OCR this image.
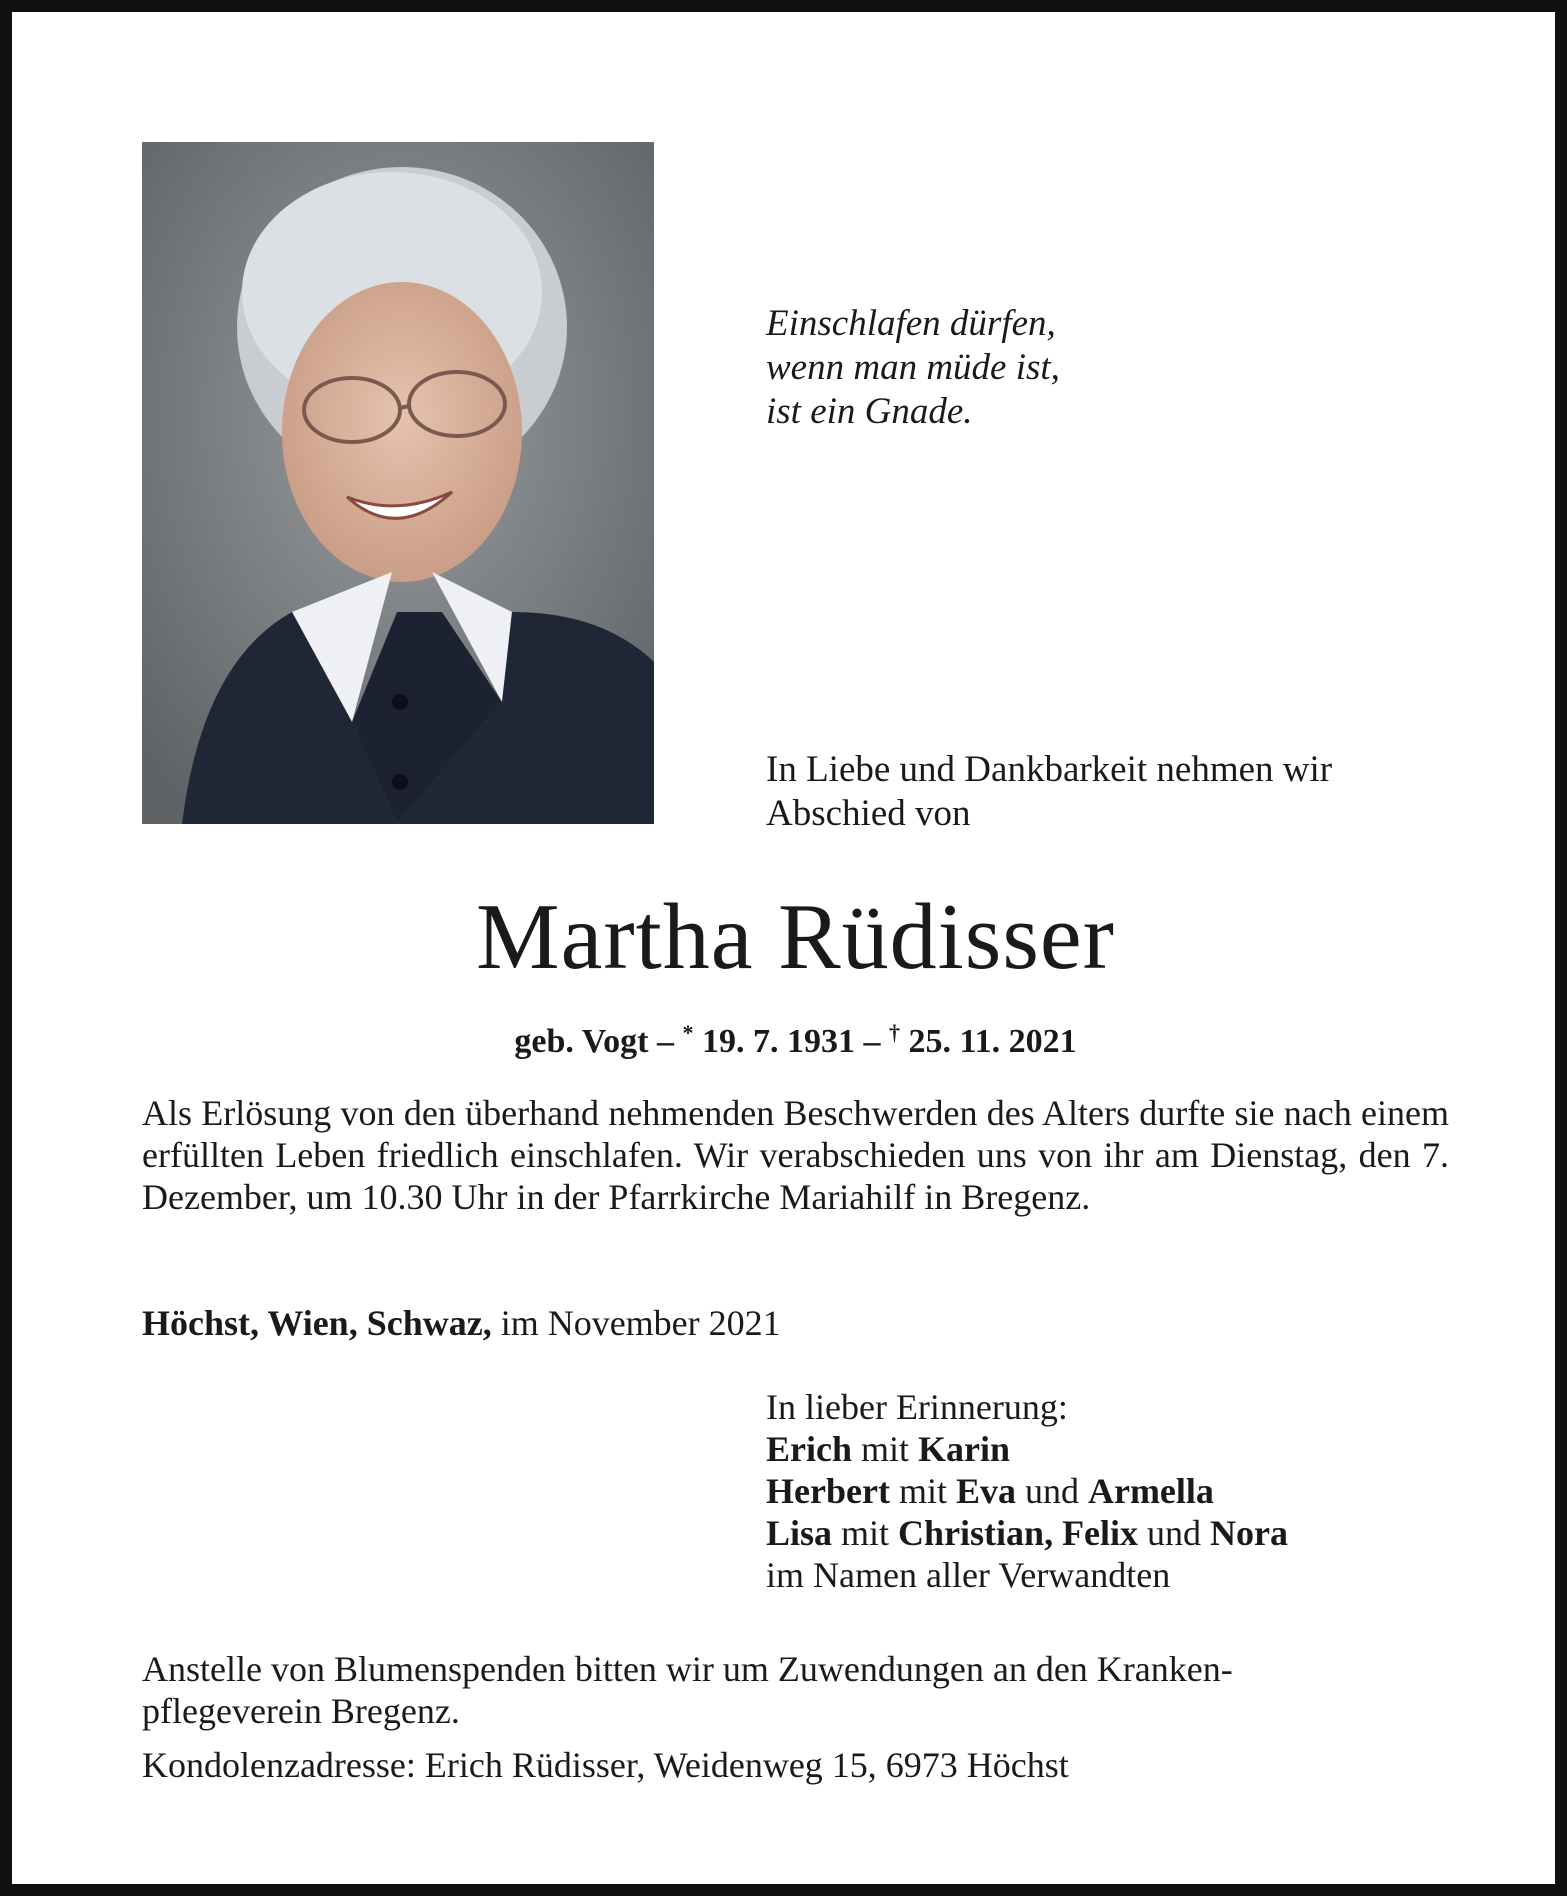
Einschlafen dürfen,
wenn man müde ist,
ist ein Gnade.
In Liebe und Dankbarkeit nehmen wir
Abschied von
Martha Rüdisser
geb. Vogt – * 19. 7. 1931 – † 25. 11. 2021
Als Erlösung von den überhand nehmenden Beschwerden des Alters durfte sie nach einem erfüllten Leben friedlich einschlafen. Wir verabschieden uns von ihr am Dienstag, den 7. Dezember, um 10.30 Uhr in der Pfarrkirche Mariahilf in Bregenz.
Höchst, Wien, Schwaz, im November 2021
In lieber Erinnerung:
Erich mit Karin
Herbert mit Eva und Armella
Lisa mit Christian, Felix und Nora
im Namen aller Verwandten
Anstelle von Blumenspenden bitten wir um Zuwendungen an den Kranken-
pflegeverein Bregenz.
Kondolenzadresse: Erich Rüdisser, Weidenweg 15, 6973 Höchst
